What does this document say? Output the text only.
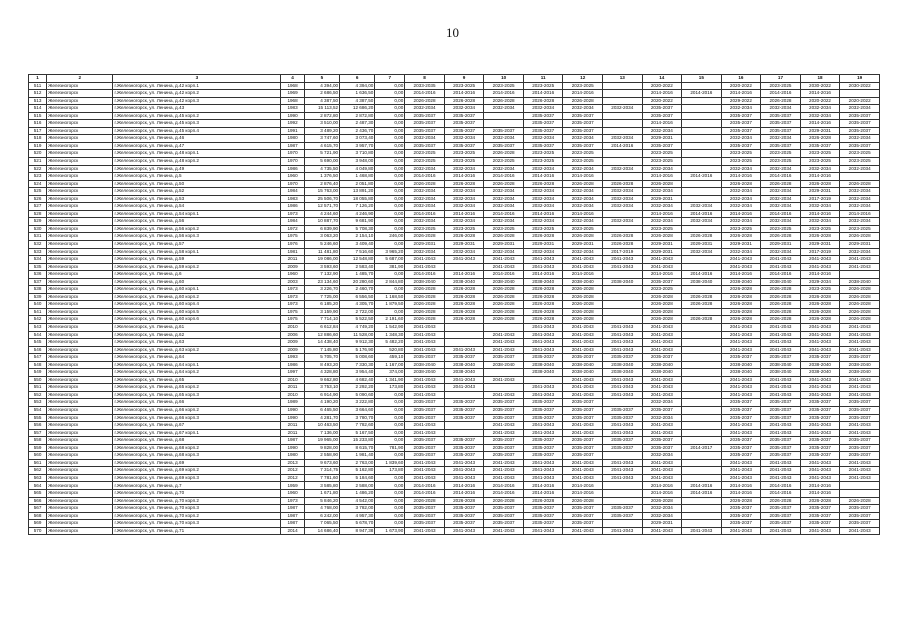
10
1	2	3	4	5	6	7	8	9	10	11	12	13	14	15	16	17	18	19
511	Железногорск	г.Железногорск, ул. Ленина, д.42 корп.1	1968	4 394,00	4 394,00	0,00	2033-2035	2023-2025	2023-2025	2023-2025	2023-2025		2020-2022		2020-2022	2023-2025	2030-2022	2030-2022
512	Железногорск	г.Железногорск, ул. Ленина, д.42 корп.2	1969	2 686,50	1 636,50	0,00	2014-2016	2014-2016	2014-2016	2014-2016	2014-2016		2014-2016	2014-2016	2014-2016	2014-2016	2014-2016	
513	Железногорск	г.Железногорск, ул. Ленина, д.42 корп.3	1968	4 387,50	4 387,50	0,00	2026-2028	2026-2028	2026-2028	2026-2028	2026-2028		2020-2022		2029-2022	2026-2028	2020-2022	2020-2022
514	Железногорск	г.Железногорск, ул. Ленина, д.43	1983	15 113,52	12 686,20	0,00	2032-2034	2032-2034	2032-2034	2032-2034	2032-2034	2032-2034	2035-2037		2032-2034	2032-2034	2032-2034	2032-2034
515	Железногорск	г.Железногорск, ул. Ленина, д.45 корп.2	1990	2 872,80	2 872,80	0,00	2035-2037	2035-2037		2035-2037	2035-2037		2035-2037		2035-2037	2035-2037	2032-2034	2035-2037
516	Железногорск	г.Железногорск, ул. Ленина, д.45 корп.3	1992	3 510,00	2 487,30	0,00	2035-2037	2035-2037		2035-2037	2035-2037		2014-2016		2035-2037	2035-2037	2014-2016	2035-2037
517	Железногорск	г.Железногорск, ул. Ленина, д.45 корп.4	1991	3 489,20	2 436,70	0,00	2035-2037	2035-2037	2035-2037	2035-2037	2035-2037		2032-2034		2035-2037	2035-2037	2029-2031	2035-2037
518	Железногорск	г.Железногорск, ул. Ленина, д.46	1980	3 747,60	3 073,40	0,00	2032-2034	2032-2034	2032-2034	2032-2034	2032-2034	2032-2034	2029-2031		2032-2034	2032-2034	2026-2028	2032-2034
519	Железногорск	г.Железногорск, ул. Ленина, д.47	1987	4 615,70	3 957,70	0,00	2035-2037	2035-2037	2035-2037	2035-2037	2035-2037	2014-2016	2035-2037		2035-2037	2035-2037	2035-2037	2035-2037
520	Железногорск	г.Железногорск, ул. Ленина, д.48 корп.1	1970	5 721,90	3 710,80	0,00	2023-2025	2023-2025	2026-2028	2023-2025	2023-2025		2023-2025		2023-2025	2023-2025	2023-2025	2023-2025
521	Железногорск	г.Железногорск, ул. Ленина, д.48 корп.2	1970	5 690,00	3 948,00	0,00	2023-2025	2023-2025	2023-2025	2023-2025	2023-2025		2023-2025		2023-2025	2023-2025	2023-2025	2023-2025
522	Железногорск	г.Железногорск, ул. Ленина, д.49	1986	4 735,50	4 049,80	0,00	2032-2034	2032-2034	2032-2034	2032-2034	2032-2034	2032-2034	2032-2034		2032-2034	2032-2034	2032-2034	2032-2034
523	Железногорск	г.Железногорск, ул. Ленина, д.5	1960	1 376,50	1 468,80	0,00	2014-2016	2014-2016	2014-2016	2014-2016	2014-2016		2014-2016	2014-2016	2014-2016	2014-2016	2014-2016	
524	Железногорск	г.Железногорск, ул. Ленина, д.50	1970	2 876,40	2 051,80	0,00	2026-2028	2026-2028	2026-2028	2026-2028	2026-2028	2026-2028	2026-2028		2026-2028	2026-2028	2026-2028	2026-2028
525	Железногорск	г.Железногорск, ул. Ленина, д.52	1984	15 763,00	13 891,20	0,00	2032-2034	2032-2034	2032-2034	2032-2034	2032-2034	2032-2034	2032-2034		2032-2034	2032-2034	2029-2031	2032-2034
526	Железногорск	г.Железногорск, ул. Ленина, д.53	1983	25 506,70	18 055,80	0,00	2032-2034	2032-2034	2032-2034	2032-2034	2032-2034	2032-2034	2029-2031		2032-2034	2032-2034	2017-2019	2032-2034
527	Железногорск	г.Железногорск, ул. Ленина, д.54	1986	12 571,70	7 126,20	0,00	2032-2034	2032-2034	2032-2034	2032-2034	2032-2034	2032-2034	2032-2034	2032-2034	2032-2034	2032-2034	2032-2034	2032-2034
528	Железногорск	г.Железногорск, ул. Ленина, д.54 корп.1	1973	4 244,60	4 246,90	0,00	2014-2016	2014-2016	2014-2016	2014-2016	2014-2016		2014-2016	2014-2016	2014-2016	2014-2016	2014-2016	2014-2016
529	Железногорск	г.Железногорск, ул. Ленина, д.56	1984	10 887,70	9 681,90	0,00	2032-2034	2032-2034	2032-2034	2032-2034	2032-2034	2032-2034	2032-2034	2032-2034	2032-2034	2032-2034	2032-2034	2032-2034
530	Железногорск	г.Железногорск, ул. Ленина, д.56 корп.2	1972	6 839,90	5 708,30	0,00	2023-2025	2023-2025	2023-2025	2023-2025	2023-2025		2023-2025		2023-2025	2023-2025	2023-2025	2023-2025
531	Железногорск	г.Железногорск, ул. Ленина, д.56 корп.3	1975	3 063,20	2 154,10	246,00	2026-2028	2026-2028	2026-2028	2026-2028	2026-2028	2026-2028	2026-2028	2026-2028	2026-2028	2026-2028	2026-2028	2026-2028
532	Железногорск	г.Железногорск, ул. Ленина, д.57	1976	5 246,60	3 409,40	0,00	2029-2031	2029-2031	2029-2031	2029-2031	2029-2031	2026-2028	2029-2031	2029-2031	2029-2031	2029-2031	2029-2031	2029-2031
533	Железногорск	г.Железногорск, ул. Ленина, д.58 корп.1	1981	11 481,80	7 516,60	3 965,20	2032-2034	2032-2034	2032-2034	2032-2034	2032-2034	2017-2019	2029-2031	2032-2034	2032-2034	2032-2034	2017-2019	2032-2034
534	Железногорск	г.Железногорск, ул. Ленина, д.59	2011	19 086,00	12 548,80	5 687,00	2041-2043	2041-2043	2041-2043	2041-2043	2041-2043	2041-2043	2041-2043		2041-2043	2041-2043	2041-2043	2041-2043
535	Железногорск	г.Железногорск, ул. Ленина, д.59 корп.2	2009	3 593,60	2 583,40	381,90	2041-2043		2041-2043	2041-2043	2041-2043	2041-2043	2041-2043		2041-2043	2041-2043	2041-2043	2041-2043
536	Железногорск	г.Железногорск, ул. Ленина, д.6	1960	7 132,90	1 485,70	0,00	2014-2016	2014-2016	2014-2016	2014-2016	2014-2016		2014-2016	2014-2016	2014-2016	2014-2016	2014-2016	
537	Железногорск	г.Железногорск, ул. Ленина, д.60	2003	23 134,60	20 280,60	2 844,80	2038-2040	2038-2040	2038-2040	2038-2040	2038-2040	2038-2040	2035-2037	2038-2040	2038-2040	2038-2040	2029-2034	2038-2040
538	Железногорск	г.Железногорск, ул. Ленина, д.60 корп.1	1973	3 226,70	2 460,70	0,00	2026-2028	2026-2028	2026-2028	2026-2028	2026-2028		2023-2025		2026-2028	2026-2028	2023-2025	2026-2028
539	Железногорск	г.Железногорск, ул. Ленина, д.60 корп.2	1973	7 725,00	6 556,50	1 168,50	2026-2028	2026-2028	2026-2028	2026-2028	2026-2028		2026-2028	2026-2028	2026-2028	2026-2028	2026-2028	2026-2028
540	Железногорск	г.Железногорск, ул. Ленина, д.60 корп.4	1973	6 185,20	4 305,70	1 879,50	2026-2028	2026-2028	2026-2028	2026-2028	2026-2028		2026-2028	2026-2028	2026-2028	2026-2028	2026-2028	2026-2028
541	Железногорск	г.Железногорск, ул. Ленина, д.60 корп.5	1975	3 159,90	2 722,00	0,00	2026-2028	2026-2028	2026-2028	2026-2028	2026-2028		2026-2028		2026-2028	2026-2028	2026-2028	2026-2028
542	Железногорск	г.Железногорск, ул. Ленина, д.60 корп.6	1975	7 714,10	5 522,50	2 191,60	2026-2028	2026-2028	2026-2028	2026-2028	2026-2028		2026-2028	2026-2028	2026-2028	2026-2028	2026-2028	2026-2028
543	Железногорск	г.Железногорск, ул. Ленина, д.61	2010	6 612,84	4 749,20	1 542,90	2041-2043			2041-2043	2041-2043	2041-2043	2041-2043		2041-2043	2041-2043	2041-2043	2041-2043
544	Железногорск	г.Железногорск, ул. Ленина, д.62	2006	12 886,60	11 528,00	1 348,30	2041-2043		2041-2043	2041-2043	2041-2043	2041-2043	2041-2043		2041-2043	2041-2043	2041-2043	2041-2043
545	Железногорск	г.Железногорск, ул. Ленина, д.63	2009	14 438,40	9 912,30	5 482,20	2041-2043		2041-2043	2041-2043	2041-2043	2041-2043	2041-2043		2041-2043	2041-2043	2041-2043	2041-2043
546	Железногорск	г.Железногорск, ул. Ленина, д.63 корп.2	2009	7 145,80	5 176,90	520,80	2041-2043	2041-2043	2041-2043	2041-2043	2041-2043	2041-2043	2041-2043		2041-2043	2041-2043	2041-2043	2041-2043
547	Железногорск	г.Железногорск, ул. Ленина, д.64	1993	5 705,70	5 008,60	459,10	2035-2037	2035-2037	2035-2037	2035-2037	2035-2037	2035-2037	2035-2037		2035-2037	2035-2037	2035-2037	2035-2037
548	Железногорск	г.Железногорск, ул. Ленина, д.64 корп.1	1986	8 493,20	7 330,30	1 167,00	2038-2040	2038-2040	2038-2040	2038-2040	2038-2040	2038-2040	2038-2040		2038-2040	2038-2040	2038-2040	2038-2040
549	Железногорск	г.Железногорск, ул. Ленина, д.64 корп.2	1997	4 328,80	3 954,40	374,00	2038-2040	2038-2040		2038-2040	2038-2040	2038-2040	2038-2040		2038-2040	2038-2040	2038-2040	2038-2040
550	Железногорск	г.Железногорск, ул. Ленина, д.65	2010	9 662,80	4 682,40	1 341,90	2041-2043	2041-2043	2041-2043		2041-2043	2041-2043	2041-2043		2041-2043	2041-2043	2041-2043	2041-2043
551	Железногорск	г.Железногорск, ул. Ленина, д.65 корп.2	2011	3 753,10	2 292,20	173,80	2041-2043	2041-2043		2041-2043	2041-2043	2041-2043	2041-2043		2041-2043	2041-2043	2041-2043	2041-2043
552	Железногорск	г.Железногорск, ул. Ленина, д.65 корп.3	2010	6 914,90	5 090,60	0,00	2041-2043		2041-2043	2041-2043	2041-2043	2041-2043	2041-2043		2041-2043	2041-2043	2041-2043	2041-2043
553	Железногорск	г.Железногорск, ул. Ленина, д.66	1989	4 190,20	3 222,80	0,00	2035-2037	2035-2037	2035-2037	2035-2037	2035-2037		2032-2034		2035-2037	2035-2037	2035-2037	2035-2037
554	Железногорск	г.Железногорск, ул. Ленина, д.66 корп.2	1990	6 465,50	3 664,60	0,00	2035-2037	2035-2037	2035-2037	2035-2037	2035-2037	2035-2037	2035-2037		2035-2037	2035-2037	2035-2037	2035-2037
555	Железногорск	г.Железногорск, ул. Ленина, д.66 корп.3	1990	4 281,70	3 780,70	0,00	2035-2037	2035-2037	2035-2037	2035-2037	2035-2037	2035-2037	2032-2034		2035-2037	2035-2037	2035-2037	2035-2037
556	Железногорск	г.Железногорск, ул. Ленина, д.67	2011	10 463,50	7 782,60	0,00	2041-2043		2041-2043	2041-2043	2041-2043	2041-2043	2041-2043		2041-2043	2041-2043	2041-2043	2041-2043
557	Железногорск	г.Железногорск, ул. Ленина, д.67 корп.1	2011	7 136,00	5 167,50	0,00	2041-2043		2041-2043	2041-2043	2041-2043	2041-2043	2041-2043		2041-2043	2041-2043	2041-2043	2041-2043
558	Железногорск	г.Железногорск, ул. Ленина, д.68	1987	19 965,00	15 233,80	0,00	2035-2037	2035-2037	2035-2037	2035-2037	2035-2037	2035-2037	2035-2037		2035-2037	2035-2037	2035-2037	2035-2037
559	Железногорск	г.Железногорск, ул. Ленина, д.68 корп.2	1990	9 828,00	8 615,70	781,90	2035-2037	2035-2037	2035-2037	2035-2037	2035-2037	2035-2037	2035-2037	2014-2017	2035-2037	2035-2037	2035-2037	2035-2037
560	Железногорск	г.Железногорск, ул. Ленина, д.68 корп.3	1980	2 558,90	1 981,40	0,00	2035-2037	2035-2037	2035-2037	2035-2037	2035-2037		2032-2034		2035-2037	2035-2037	2035-2037	2035-2037
561	Железногорск	г.Железногорск, ул. Ленина, д.69	2013	9 673,60	2 763,00	1 839,60	2041-2043	2041-2043	2041-2043	2041-2043	2041-2043	2041-2043	2041-2043		2041-2043	2041-2043	2041-2043	2041-2043
562	Железногорск	г.Железногорск, ул. Ленина, д.69 корп.2	2012	7 314,75	5 162,80	173,80	2041-2043	2041-2043	2041-2043	2041-2043	2041-2043	2041-2043	2041-2043		2041-2043	2041-2043	2041-2043	2041-2043
563	Железногорск	г.Железногорск, ул. Ленина, д.69 корп.3	2012	7 781,60	5 184,60	0,00	2041-2043	2041-2043	2041-2043	2041-2043	2041-2043	2041-2043	2041-2043		2041-2043	2041-2043	2041-2043	2041-2043
564	Железногорск	г.Железногорск, ул. Ленина, д.7	1959	3 585,80	2 588,00	0,00	2014-2016	2014-2016	2014-2016	2014-2016	2014-2016		2014-2016	2014-2016	2014-2016	2014-2016	2014-2016	
565	Железногорск	г.Железногорск, ул. Ленина, д.70	1960	1 671,80	1 486,20	0,00	2014-2016	2014-2016	2014-2016	2014-2016	2014-2016		2014-2016	2014-2016	2014-2016	2014-2016	2014-2016	
566	Железногорск	г.Железногорск, ул. Ленина, д.70 корп.2	1973	5 846,20	4 542,00	0,00	2026-2028	2026-2028	2026-2028	2026-2028	2026-2028		2026-2028		2026-2028	2026-2028	2026-2028	2026-2028
567	Железногорск	г.Железногорск, ул. Ленина, д.70 корп.3	1987	4 768,00	3 782,00	0,00	2035-2037	2035-2037	2035-2037	2035-2037	2035-2037	2035-2037	2032-2034		2035-2037	2035-2037	2035-2037	2035-2037
568	Железногорск	г.Железногорск, ул. Ленина, д.70 корп.2	1987	6 242,00	4 957,30	0,00	2035-2037	2035-2037	2035-2037	2035-2037	2035-2037	2035-2037	2032-2034		2035-2037	2035-2037	2035-2037	2035-2037
569	Железногорск	г.Железногорск, ул. Ленина, д.70 корп.3	1987	7 065,50	5 678,70	0,00	2035-2037	2035-2037	2035-2037	2035-2037	2035-2037		2029-2031		2035-2037	2035-2037	2035-2037	2035-2037
570	Железногорск	г.Железногорск, ул. Ленина, д.71	2014	14 686,40	8 947,38	1 673,90	2041-2043	2041-2043	2041-2043	2041-2043	2041-2043	2041-2043	2041-2043	2041-2043	2041-2043	2041-2043	2041-2043	2041-2043
